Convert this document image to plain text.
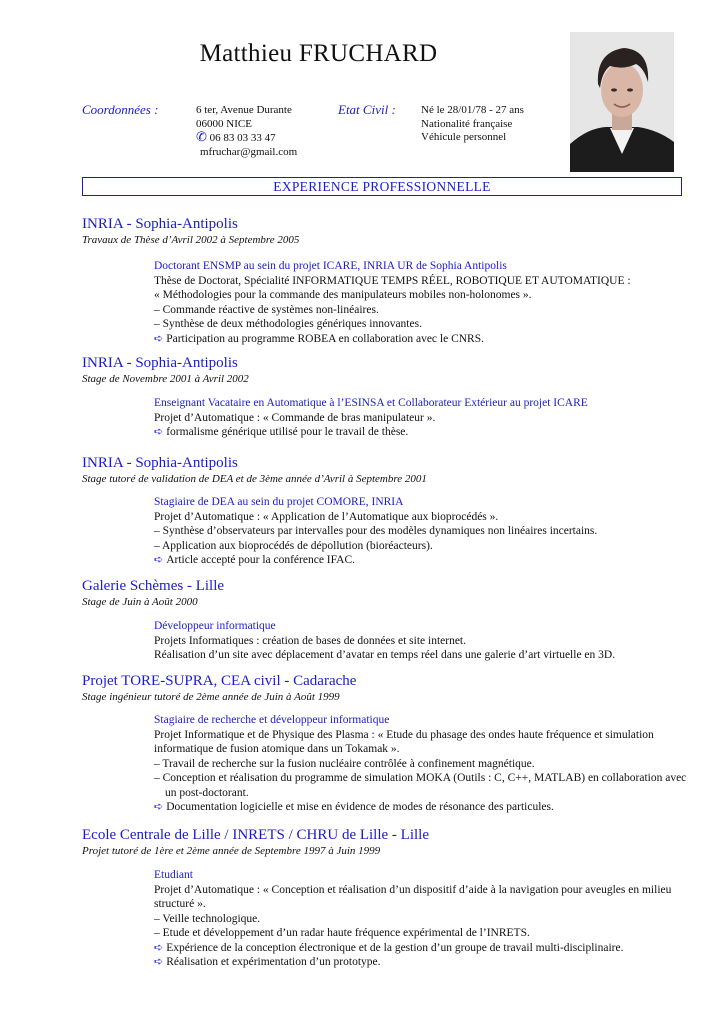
Matthieu FRUCHARD
Coordonnées :	6 ter, Avenue Durante
06000 NICE
✆ 06 83 03 33 47
mfruchar@gmail.com
Etat Civil : Né le 28/01/78 - 27 ans
Nationalité française
Véhicule personnel
EXPERIENCE PROFESSIONNELLE
INRIA - Sophia-Antipolis
Travaux de Thèse d’Avril 2002 à Septembre 2005
Doctorant ENSMP au sein du projet ICARE, INRIA UR de Sophia Antipolis
Thèse de Doctorat, Spécialité INFORMATIQUE TEMPS RÉEL, ROBOTIQUE ET AUTOMATIQUE :
« Méthodologies pour la commande des manipulateurs mobiles non-holonomes ».
– Commande réactive de systèmes non-linéaires.
– Synthèse de deux méthodologies génériques innovantes.
➪ Participation au programme ROBEA en collaboration avec le CNRS.
INRIA - Sophia-Antipolis
Stage de Novembre 2001 à Avril 2002
Enseignant Vacataire en Automatique à l’ESINSA et Collaborateur Extérieur au projet ICARE
Projet d’Automatique : « Commande de bras manipulateur ».
➪ formalisme générique utilisé pour le travail de thèse.
INRIA - Sophia-Antipolis
Stage tutoré de validation de DEA et de 3ème année d’Avril à Septembre 2001
Stagiaire de DEA au sein du projet COMORE, INRIA
Projet d’Automatique : « Application de l’Automatique aux bioprocédés ».
– Synthèse d’observateurs par intervalles pour des modèles dynamiques non linéaires incertains.
– Application aux bioprocédés de dépollution (bioréacteurs).
➪ Article accepté pour la conférence IFAC.
Galerie Schèmes - Lille
Stage de Juin à Août 2000
Développeur informatique
Projets Informatiques : création de bases de données et site internet.
Réalisation d’un site avec déplacement d’avatar en temps réel dans une galerie d’art virtuelle en 3D.
Projet TORE-SUPRA, CEA civil - Cadarache
Stage ingénieur tutoré de 2ème année de Juin à Août 1999
Stagiaire de recherche et développeur informatique
Projet Informatique et de Physique des Plasma : « Etude du phasage des ondes haute fréquence et simulation informatique de fusion atomique dans un Tokamak ».
– Travail de recherche sur la fusion nucléaire contrôlée à confinement magnétique.
– Conception et réalisation du programme de simulation MOKA (Outils : C, C++, MATLAB) en collaboration avec un post-doctorant.
➪ Documentation logicielle et mise en évidence de modes de résonance des particules.
Ecole Centrale de Lille / INRETS / CHRU de Lille - Lille
Projet tutoré de 1ère et 2ème année de Septembre 1997 à Juin 1999
Etudiant
Projet d’Automatique : « Conception et réalisation d’un dispositif d’aide à la navigation pour aveugles en milieu structuré ».
– Veille technologique.
– Etude et développement d’un radar haute fréquence expérimental de l’INRETS.
➪ Expérience de la conception électronique et de la gestion d’un groupe de travail multi-disciplinaire.
➪ Réalisation et expérimentation d’un prototype.
